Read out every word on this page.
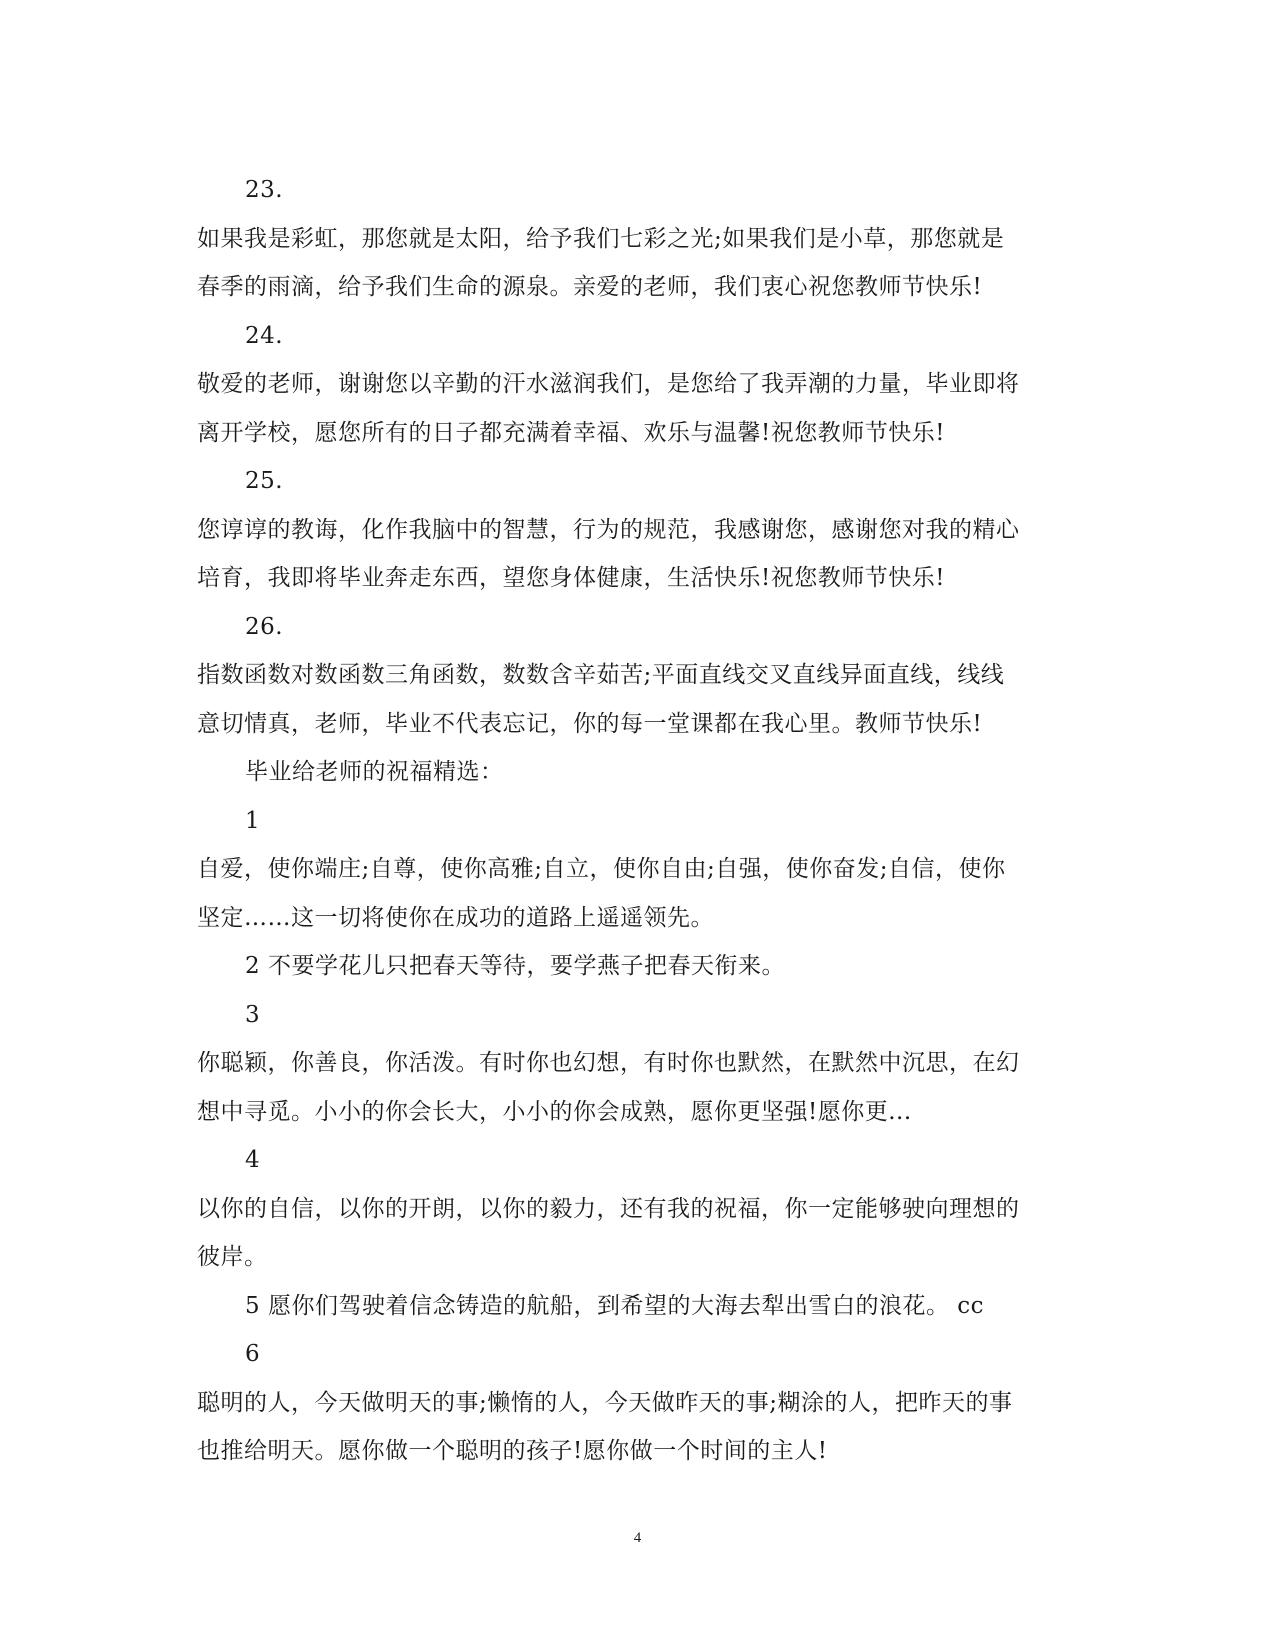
23.
如果我是彩虹，那您就是太阳，给予我们七彩之光;如果我们是小草，那您就是
春季的雨滴，给予我们生命的源泉。亲爱的老师，我们衷心祝您教师节快乐!
24.
敬爱的老师，谢谢您以辛勤的汗水滋润我们，是您给了我弄潮的力量，毕业即将
离开学校，愿您所有的日子都充满着幸福、欢乐与温馨!祝您教师节快乐!
25.
您谆谆的教诲，化作我脑中的智慧，行为的规范，我感谢您，感谢您对我的精心
培育，我即将毕业奔走东西，望您身体健康，生活快乐!祝您教师节快乐!
26.
指数函数对数函数三角函数，数数含辛茹苦;平面直线交叉直线异面直线，线线
意切情真，老师，毕业不代表忘记，你的每一堂课都在我心里。教师节快乐!
毕业给老师的祝福精选：
1
自爱，使你端庄;自尊，使你高雅;自立，使你自由;自强，使你奋发;自信，使你
坚定……这一切将使你在成功的道路上遥遥领先。
2 不要学花儿只把春天等待，要学燕子把春天衔来。
3
你聪颖，你善良，你活泼。有时你也幻想，有时你也默然，在默然中沉思，在幻
想中寻觅。小小的你会长大，小小的你会成熟，愿你更坚强!愿你更...
4
以你的自信，以你的开朗，以你的毅力，还有我的祝福，你一定能够驶向理想的
彼岸。
5 愿你们驾驶着信念铸造的航船，到希望的大海去犁出雪白的浪花。 cc
6
聪明的人，今天做明天的事;懒惰的人，今天做昨天的事;糊涂的人，把昨天的事
也推给明天。愿你做一个聪明的孩子!愿你做一个时间的主人!
4
